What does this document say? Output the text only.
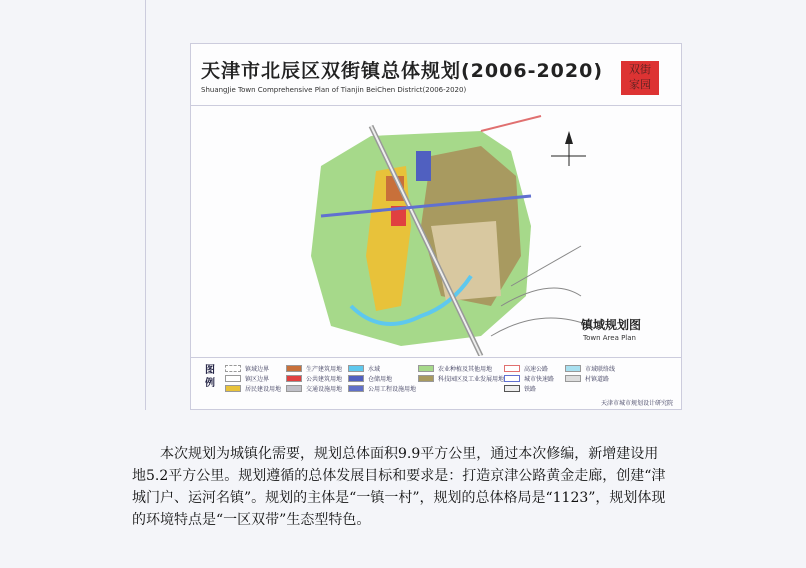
天津市北辰区双街镇总体规划(2006-2020)
ShuangJie Town Comprehensive Plan of Tianjin BeiChen District(2006-2020)
双街
家园
镇域规划图
Town Area Plan
图例
镇域边界
镇区边界
居民建设用地
生产建筑用地
公共建筑用地
交通设施用地
水域
仓储用地
公用工程设施用地
农业种植及其他用地
科技园区及工业发展用地
高速公路
城市快速路
铁路
市域联络线
村镇道路
天津市城市规划设计研究院
本次规划为城镇化需要，规划总体面积9.9平方公里，通过本次修编，新增建设用地5.2平方公里。规划遵循的总体发展目标和要求是：打造京津公路黄金走廊，创建“津城门户、运河名镇”。规划的主体是“一镇一村”，规划的总体格局是“1123”，规划体现的环境特点是“一区双带”生态型特色。
